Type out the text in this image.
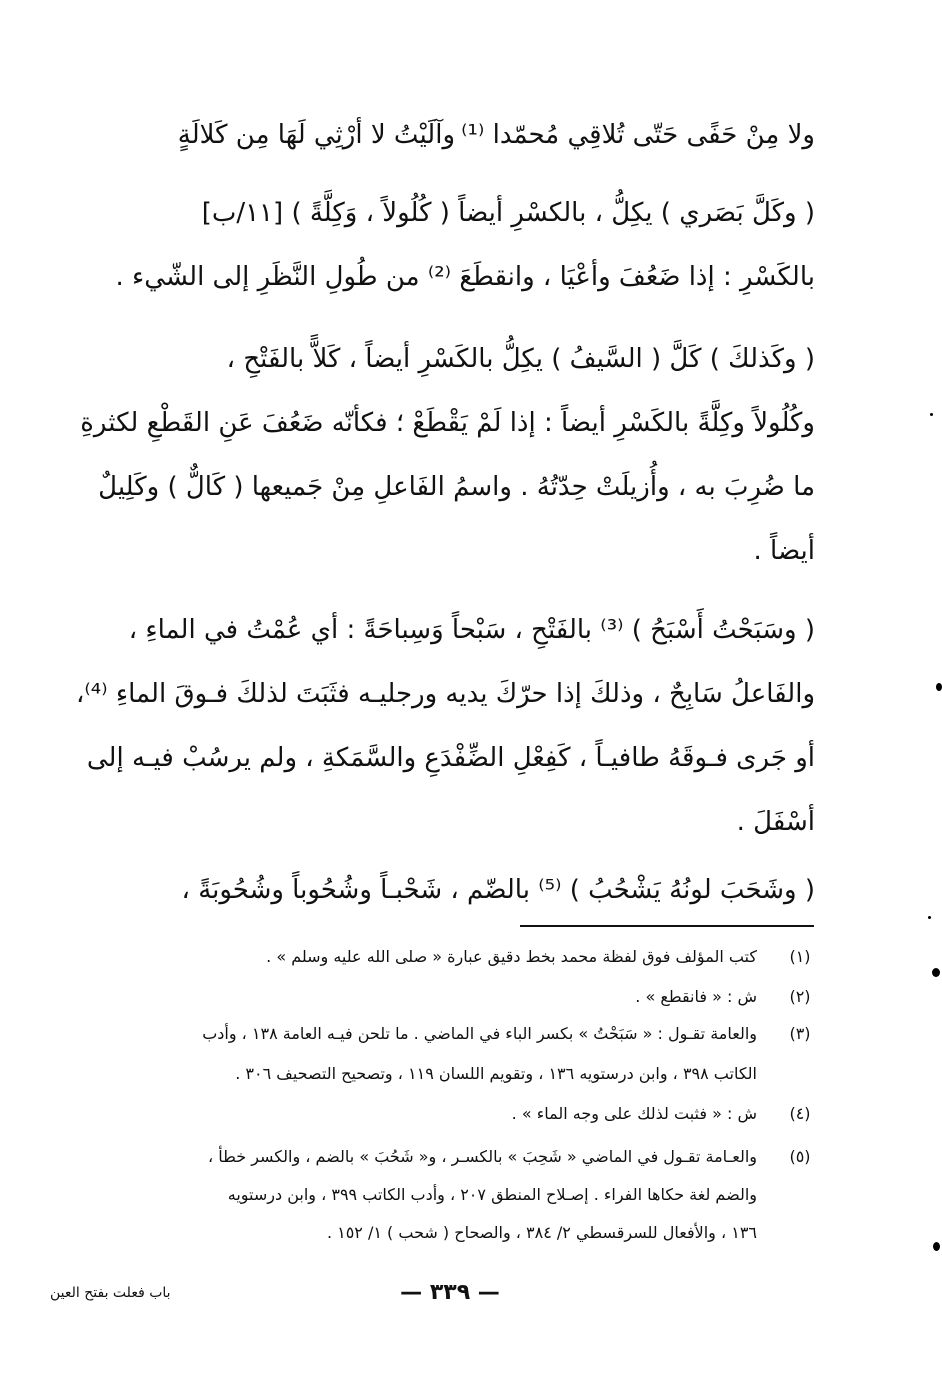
ولا مِنْ حَفًى حَتّى تُلاقِي مُحمّدا ⁽¹⁾
وآلَيْتُ لا أرْثِي لَهَا مِن كَلالَةٍ
( وكَلَّ بَصَري ) يكِلُّ ، بالكسْرِ أيضاً ( كُلُولاً ، وَكِلَّةً ) [١١/ب]
بالكَسْرِ : إذا ضَعُفَ وأعْيَا ، وانقطَعَ ⁽²⁾ من طُولِ النَّظَرِ إلى الشّيء .
( وكَذلكَ ) كَلَّ ( السَّيفُ ) يكِلُّ بالكَسْرِ أيضاً ، كَلاًّ بالفَتْحِ ،
وكُلُولاً وكِلَّةً بالكَسْرِ أيضاً : إذا لَمْ يَقْطَعْ ؛ فكأنّه ضَعُفَ عَنِ القَطْعِ لكثرةِ
ما ضُرِبَ به ، وأُزيلَتْ حِدّتُهُ . واسمُ الفَاعلِ مِنْ جَميعها ( كَالٌّ ) وكَلِيلٌ
أيضاً .
( وسَبَحْتُ أَسْبَحُ ) ⁽³⁾ بالفَتْحِ ، سَبْحاً وَسِباحَةً : أي عُمْتُ في الماءِ ،
والفَاعلُ سَابِحٌ ، وذلكَ إذا حرّكَ يديه ورجليـه فثَبَتَ لذلكَ فـوقَ الماءِ ⁽⁴⁾،
أو جَرى فـوقَهُ طافيـاً ، كَفِعْلِ الضِّفْدَعِ والسَّمَكةِ ، ولم يرسُبْ فيـه إلى
أسْفَلَ .
( وشَحَبَ لونُهُ يَشْحُبُ ) ⁽⁵⁾ بالضّم ، شَحْبـاً وشُحُوباً وشُحُوبَةً ،
(١)
كتب المؤلف فوق لفظة محمد بخط دقيق عبارة « صلى الله عليه وسلم » .
(٢)
ش : « فانقطع » .
(٣)
والعامة تقـول : « سَبَحْتُ » بكسر الباء في الماضي . ما تلحن فيـه العامة ١٣٨ ، وأدب
الكاتب ٣٩٨ ، وابن درستويه ١٣٦ ، وتقويم اللسان ١١٩ ، وتصحيح التصحيف ٣٠٦ .
(٤)
ش : « فثبت لذلك على وجه الماء » .
(٥)
والعـامة تقـول في الماضي « شَحِبَ » بالكسـر ، و« شَحُبَ » بالضم ، والكسر خطأ ،
والضم لغة حكاها الفراء . إصـلاح المنطق ٢٠٧ ، وأدب الكاتب ٣٩٩ ، وابن درستويه
١٣٦ ، والأفعال للسرقسطي ٢/ ٣٨٤ ، والصحاح ( شحب ) ١/ ١٥٢ .
— ٣٣٩ —
باب فعلت بفتح العين
